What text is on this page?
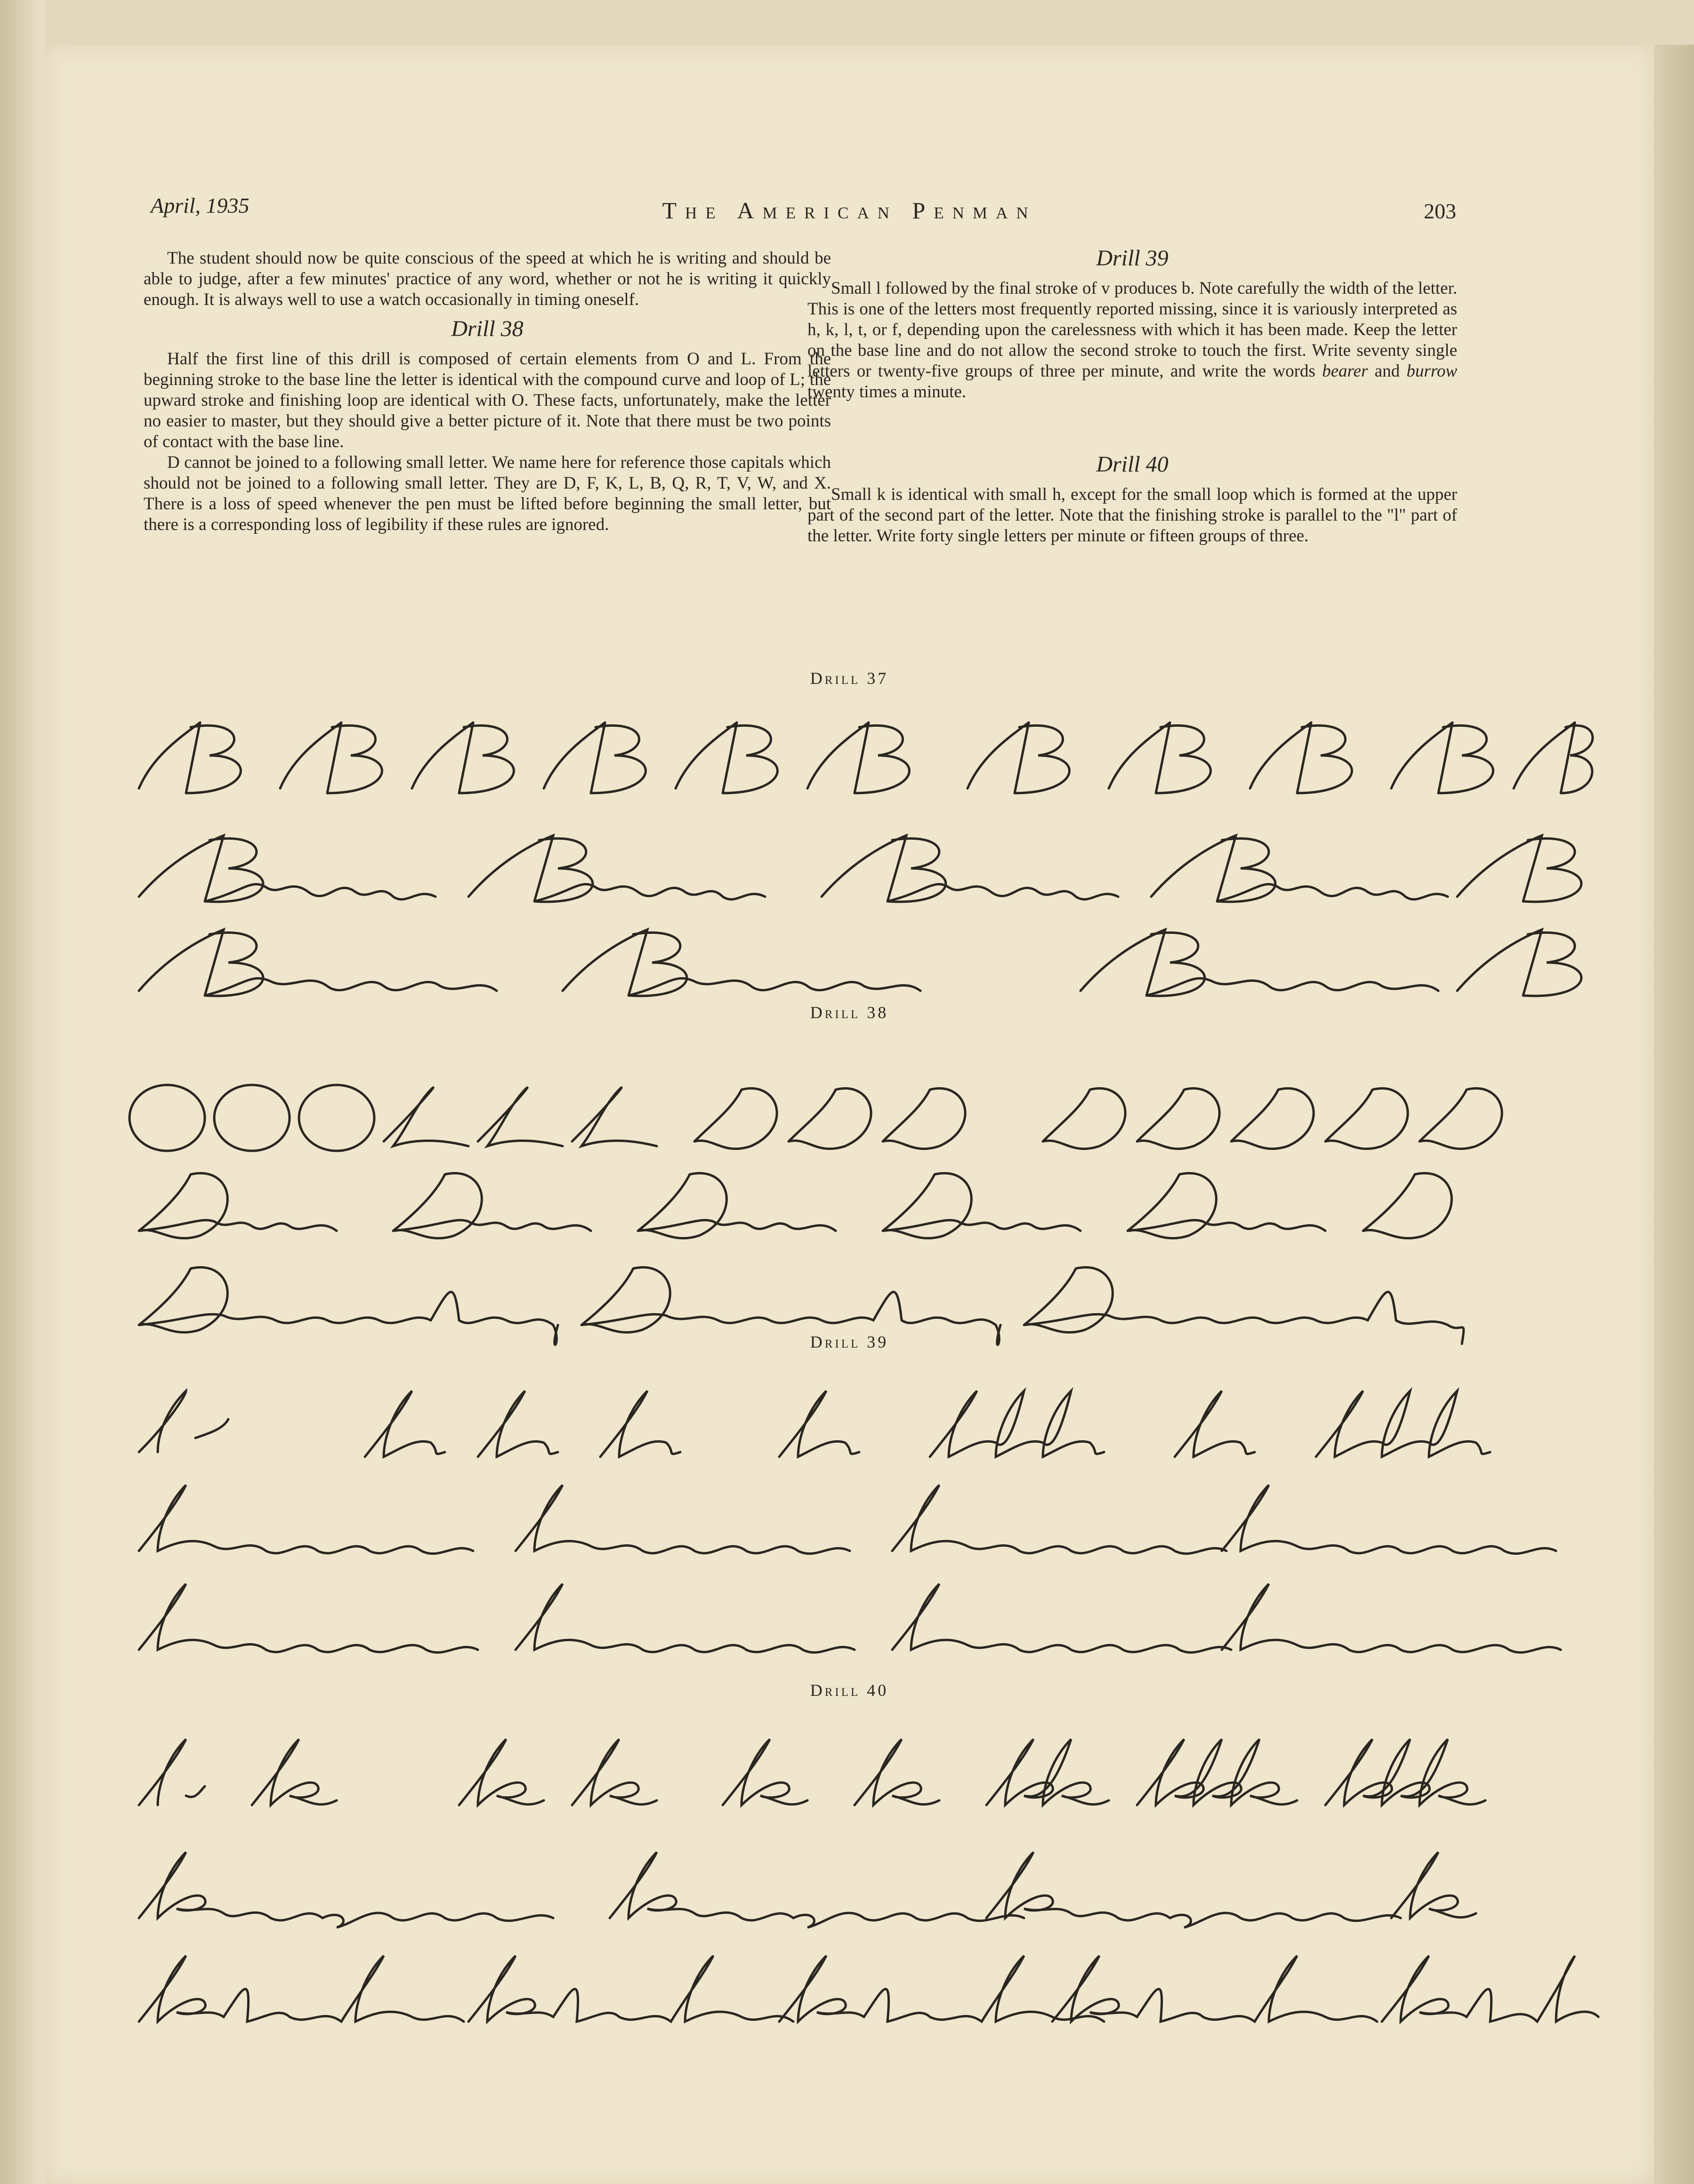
April, 1935	The American Penman	203

The student should now be quite conscious of the speed at which he is writing and should be able to judge, after a few minutes' practice of any word, whether or not he is writing it quickly enough. It is always well to use a watch occasionally in timing oneself.

Drill 38

Half the first line of this drill is composed of certain elements from O and L. From the beginning stroke to the base line the letter is identical with the compound curve and loop of L; the upward stroke and finishing loop are identical with O. These facts, unfortunately, make the letter no easier to master, but they should give a better picture of it. Note that there must be two points of contact with the base line.

D cannot be joined to a following small letter. We name here for reference those capitals which should not be joined to a following small letter. They are D, F, K, L, B, Q, R, T, V, W, and X. There is a loss of speed whenever the pen must be lifted before beginning the small letter, but there is a corresponding loss of legibility if these rules are ignored.

Drill 39

Small l followed by the final stroke of v produces b. Note carefully the width of the letter. This is one of the letters most frequently reported missing, since it is variously interpreted as h, k, l, t, or f, depending upon the carelessness with which it has been made. Keep the letter on the base line and do not allow the second stroke to touch the first. Write seventy single letters or twenty-five groups of three per minute, and write the words bearer and burrow twenty times a minute.

Drill 40

Small k is identical with small h, except for the small loop which is formed at the upper part of the second part of the letter. Note that the finishing stroke is parallel to the "l" part of the letter. Write forty single letters per minute or fifteen groups of three.

Drill 37
Drill 38
Drill 39
Drill 40
